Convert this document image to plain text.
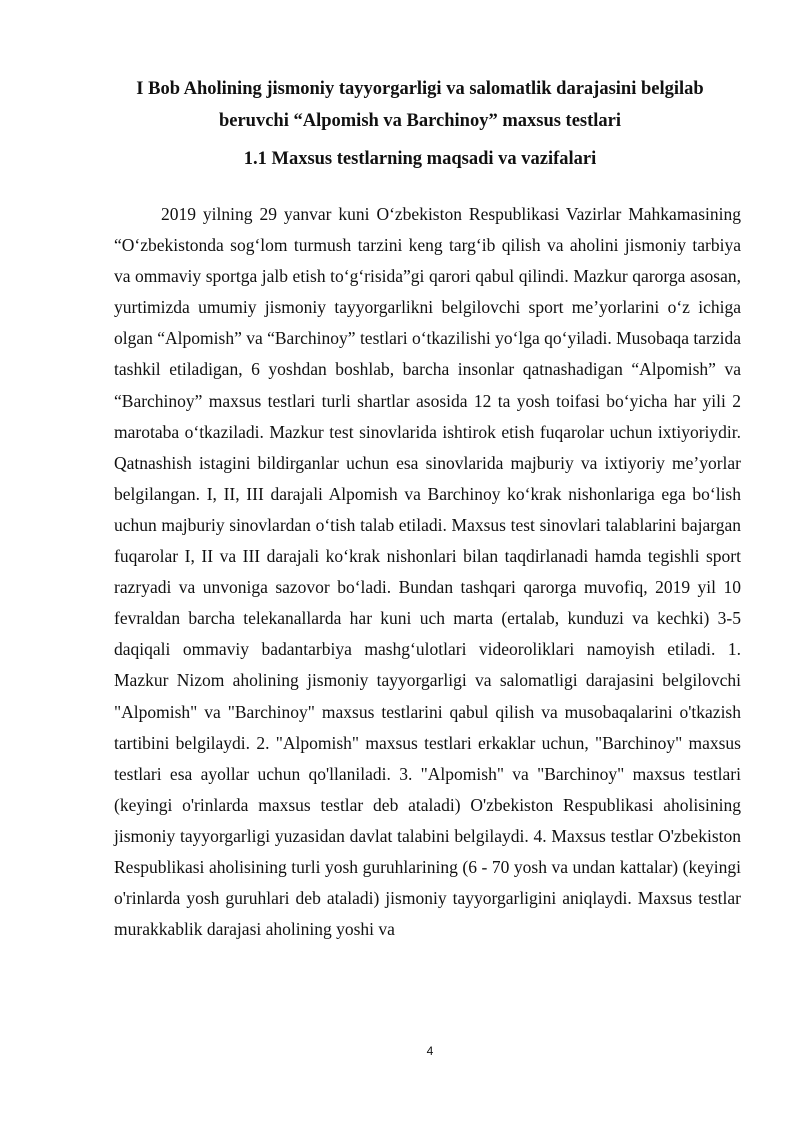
I Bob Aholining jismoniy tayyorgarligi va salomatlik darajasini belgilab beruvchi “Alpomish va Barchinoy” maxsus testlari
1.1 Maxsus testlarning maqsadi va vazifalari

2019 yilning 29 yanvar kuni O‘zbekiston Respublikasi Vazirlar Mahkamasining “O‘zbekistonda sog‘lom turmush tarzini keng targ‘ib qilish va aholini jismoniy tarbiya va ommaviy sportga jalb etish to‘g‘risida”gi qarori qabul qilindi. Mazkur qarorga asosan, yurtimizda umumiy jismoniy tayyorgarlikni belgilovchi sport me’yorlarini o‘z ichiga olgan “Alpomish” va “Barchinoy” testlari o‘tkazilishi yo‘lga qo‘yiladi. Musobaqa tarzida tashkil etiladigan, 6 yoshdan boshlab, barcha insonlar qatnashadigan “Alpomish” va “Barchinoy” maxsus testlari turli shartlar asosida 12 ta yosh toifasi bo‘yicha har yili 2 marotaba o‘tkaziladi. Mazkur test sinovlarida ishtirok etish fuqarolar uchun ixtiyoriydir. Qatnashish istagini bildirganlar uchun esa sinovlarida majburiy va ixtiyoriy me’yorlar belgilangan. I, II, III darajali Alpomish va Barchinoy ko‘krak nishonlariga ega bo‘lish uchun majburiy sinovlardan o‘tish talab etiladi. Maxsus test sinovlari talablarini bajargan fuqarolar I, II va III darajali ko‘krak nishonlari bilan taqdirlanadi hamda tegishli sport razryadi va unvoniga sazovor bo‘ladi. Bundan tashqari qarorga muvofiq, 2019 yil 10 fevraldan barcha telekanallarda har kuni uch marta (ertalab, kunduzi va kechki) 3-5 daqiqali ommaviy badantarbiya mashg‘ulotlari videoroliklari namoyish etiladi. 1. Mazkur Nizom aholining jismoniy tayyorgarligi va salomatligi darajasini belgilovchi "Alpomish" va "Barchinoy" maxsus testlarini qabul qilish va musobaqalarini o'tkazish tartibini belgilaydi. 2. "Alpomish" maxsus testlari erkaklar uchun, "Barchinoy" maxsus testlari esa ayollar uchun qo'llaniladi. 3. "Alpomish" va "Barchinoy" maxsus testlari (keyingi o'rinlarda maxsus testlar deb ataladi) O'zbekiston Respublikasi aholisining jismoniy tayyorgarligi yuzasidan davlat talabini belgilaydi. 4. Maxsus testlar O'zbekiston Respublikasi aholisining turli yosh guruhlarining (6 - 70 yosh va undan kattalar) (keyingi o'rinlarda yosh guruhlari deb ataladi) jismoniy tayyorgarligini aniqlaydi. Maxsus testlar murakkablik darajasi aholining yoshi va

4
